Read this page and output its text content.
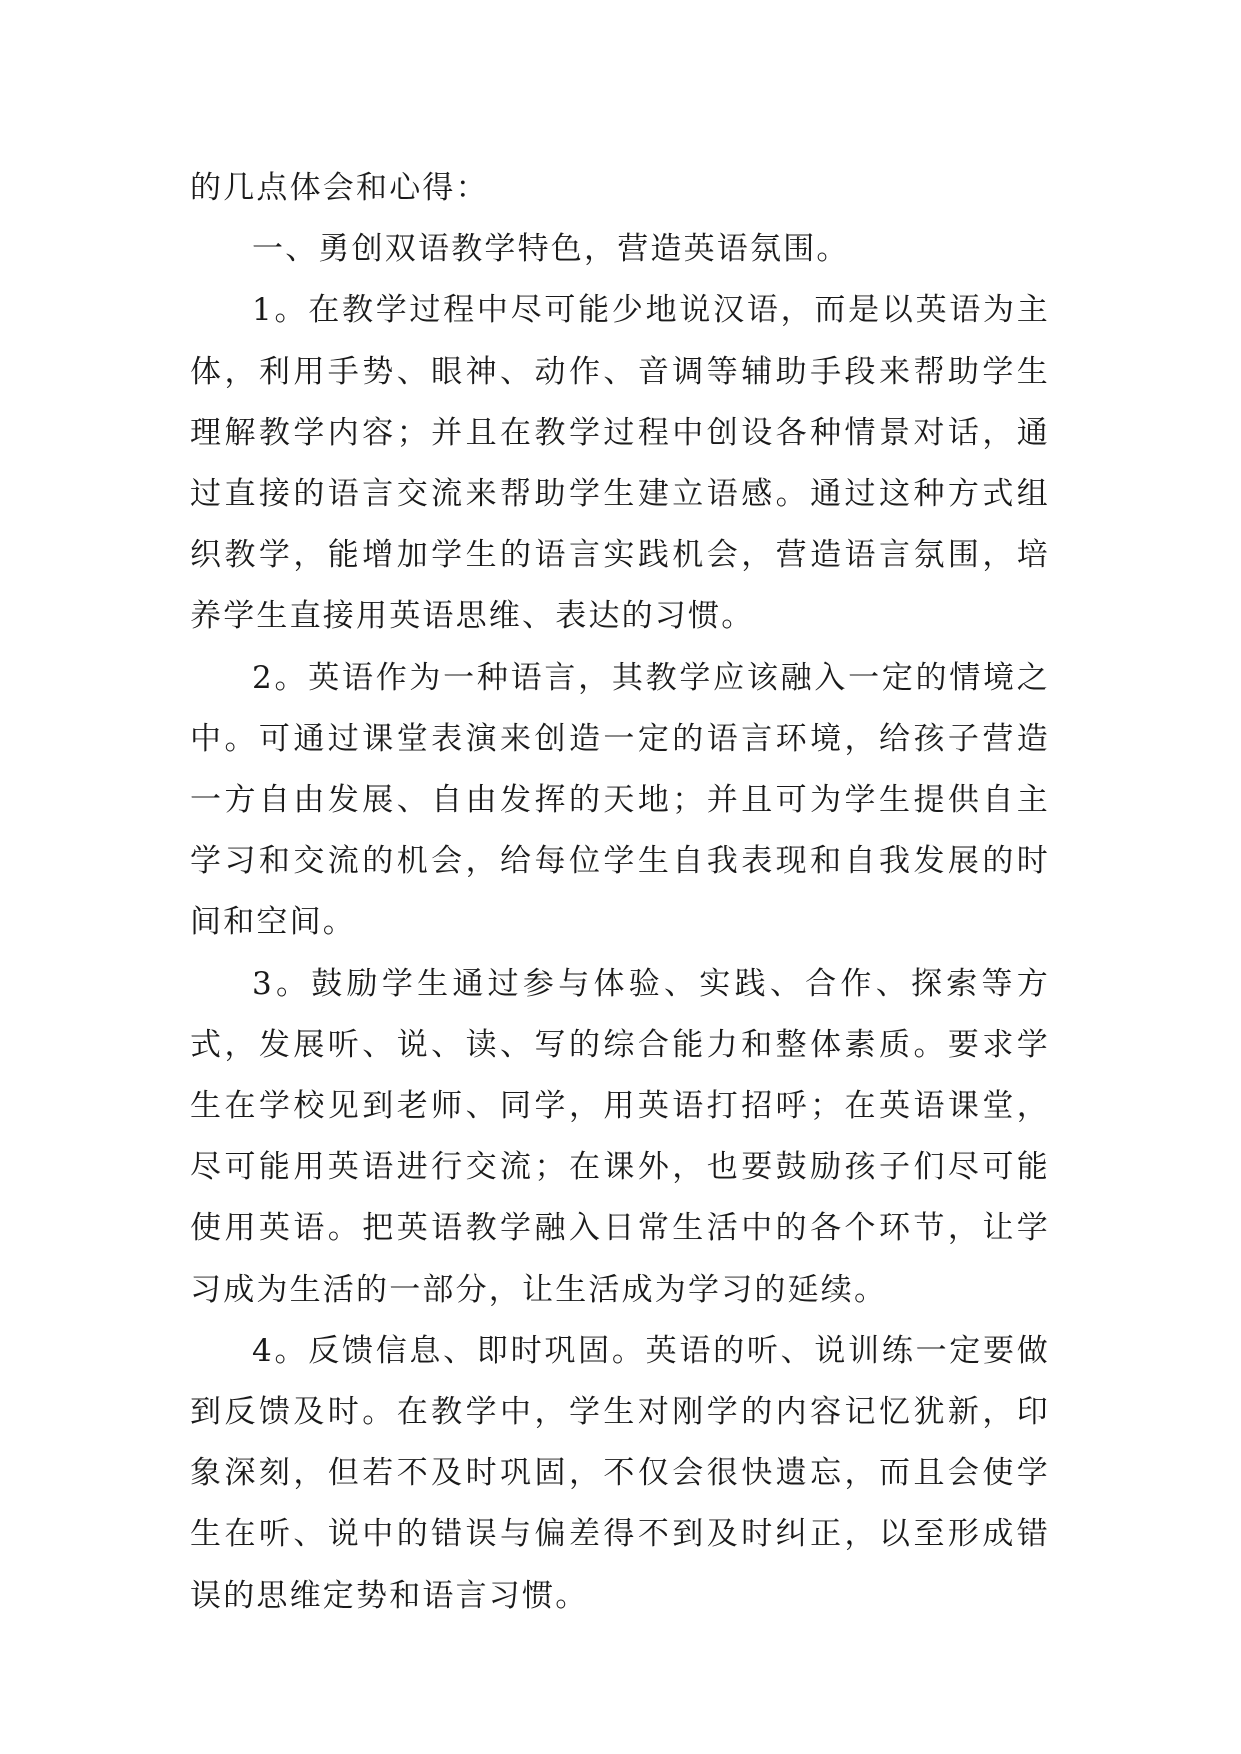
的几点体会和心得：

一、勇创双语教学特色，营造英语氛围。

1。在教学过程中尽可能少地说汉语，而是以英语为主体，利用手势、眼神、动作、音调等辅助手段来帮助学生理解教学内容；并且在教学过程中创设各种情景对话，通过直接的语言交流来帮助学生建立语感。通过这种方式组织教学，能增加学生的语言实践机会，营造语言氛围，培养学生直接用英语思维、表达的习惯。

2。英语作为一种语言，其教学应该融入一定的情境之中。可通过课堂表演来创造一定的语言环境，给孩子营造一方自由发展、自由发挥的天地；并且可为学生提供自主学习和交流的机会，给每位学生自我表现和自我发展的时间和空间。

3。鼓励学生通过参与体验、实践、合作、探索等方式，发展听、说、读、写的综合能力和整体素质。要求学生在学校见到老师、同学，用英语打招呼；在英语课堂，尽可能用英语进行交流；在课外，也要鼓励孩子们尽可能使用英语。把英语教学融入日常生活中的各个环节，让学习成为生活的一部分，让生活成为学习的延续。

4。反馈信息、即时巩固。英语的听、说训练一定要做到反馈及时。在教学中，学生对刚学的内容记忆犹新，印象深刻，但若不及时巩固，不仅会很快遗忘，而且会使学生在听、说中的错误与偏差得不到及时纠正，以至形成错误的思维定势和语言习惯。
